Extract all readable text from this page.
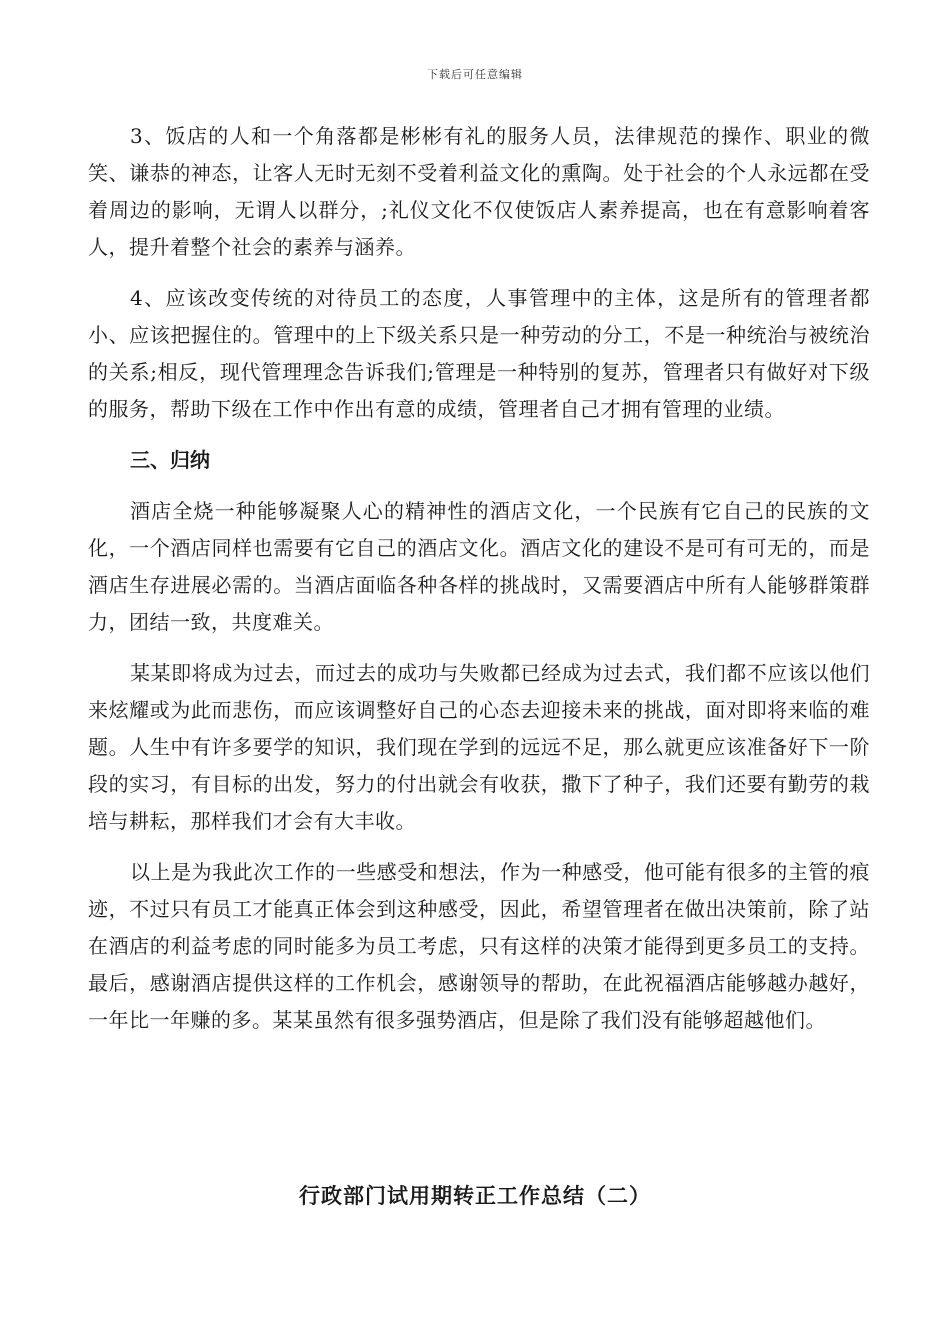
下载后可任意编辑

3、饭店的人和一个角落都是彬彬有礼的服务人员，法律规范的操作、职业的微笑、谦恭的神态，让客人无时无刻不受着利益文化的熏陶。处于社会的个人永远都在受着周边的影响，无谓人以群分，;礼仪文化不仅使饭店人素养提高，也在有意影响着客人，提升着整个社会的素养与涵养。

4、应该改变传统的对待员工的态度，人事管理中的主体，这是所有的管理者都小、应该把握住的。管理中的上下级关系只是一种劳动的分工，不是一种统治与被统治的关系;相反，现代管理理念告诉我们;管理是一种特别的复苏，管理者只有做好对下级的服务，帮助下级在工作中作出有意的成绩，管理者自己才拥有管理的业绩。

三、归纳

酒店全烧一种能够凝聚人心的精神性的酒店文化，一个民族有它自己的民族的文化，一个酒店同样也需要有它自己的酒店文化。酒店文化的建设不是可有可无的，而是酒店生存进展必需的。当酒店面临各种各样的挑战时，又需要酒店中所有人能够群策群力，团结一致，共度难关。

某某即将成为过去，而过去的成功与失败都已经成为过去式，我们都不应该以他们来炫耀或为此而悲伤，而应该调整好自己的心态去迎接未来的挑战，面对即将来临的难题。人生中有许多要学的知识，我们现在学到的远远不足，那么就更应该准备好下一阶段的实习，有目标的出发，努力的付出就会有收获，撒下了种子，我们还要有勤劳的栽培与耕耘，那样我们才会有大丰收。

以上是为我此次工作的一些感受和想法，作为一种感受，他可能有很多的主管的痕迹，不过只有员工才能真正体会到这种感受，因此，希望管理者在做出决策前，除了站在酒店的利益考虑的同时能多为员工考虑，只有这样的决策才能得到更多员工的支持。最后，感谢酒店提供这样的工作机会，感谢领导的帮助，在此祝福酒店能够越办越好，一年比一年赚的多。某某虽然有很多强势酒店，但是除了我们没有能够超越他们。

行政部门试用期转正工作总结（二）
